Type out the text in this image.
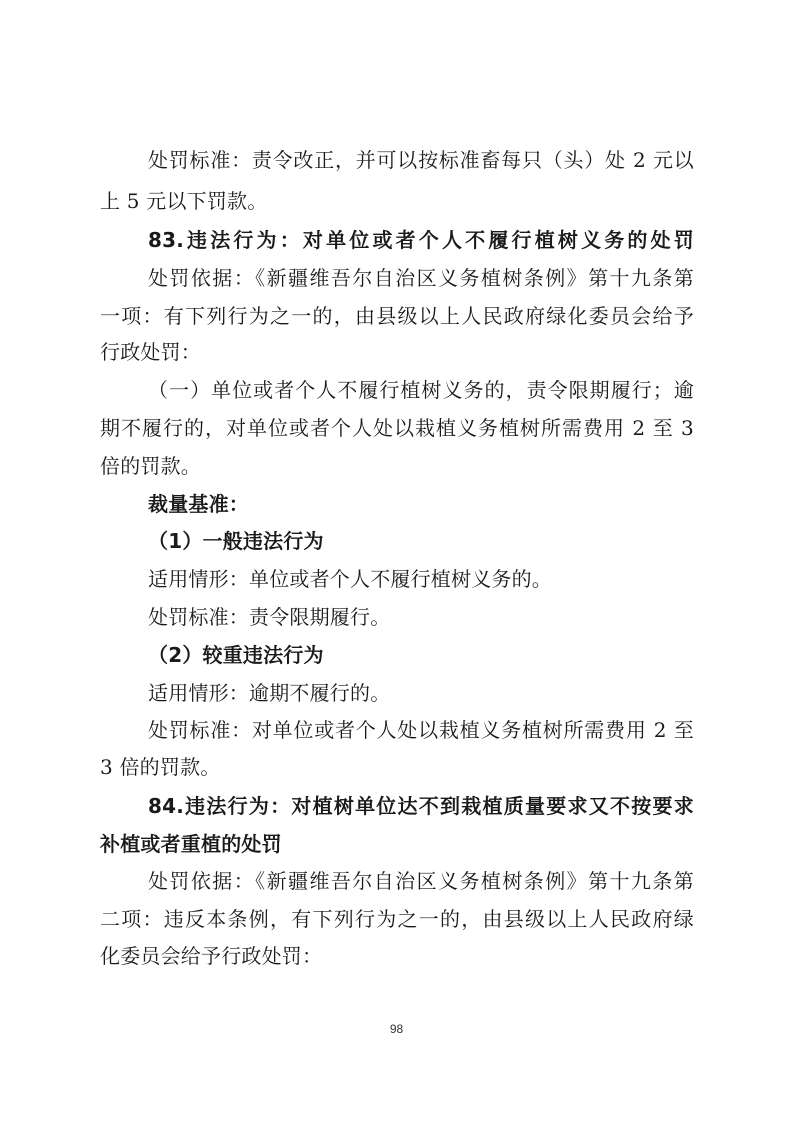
处罚标准：责令改正，并可以按标准畜每只（头）处 2 元以
上 5 元以下罚款。
83.违法行为：对单位或者个人不履行植树义务的处罚
处罚依据：《新疆维吾尔自治区义务植树条例》第十九条第
一项：有下列行为之一的，由县级以上人民政府绿化委员会给予
行政处罚：
（一）单位或者个人不履行植树义务的，责令限期履行；逾
期不履行的，对单位或者个人处以栽植义务植树所需费用 2 至 3
倍的罚款。
裁量基准：
（1）一般违法行为
适用情形：单位或者个人不履行植树义务的。
处罚标准：责令限期履行。
（2）较重违法行为
适用情形：逾期不履行的。
处罚标准：对单位或者个人处以栽植义务植树所需费用 2 至
3 倍的罚款。
84.违法行为：对植树单位达不到栽植质量要求又不按要求
补植或者重植的处罚
处罚依据：《新疆维吾尔自治区义务植树条例》第十九条第
二项：违反本条例，有下列行为之一的，由县级以上人民政府绿
化委员会给予行政处罚：
98
